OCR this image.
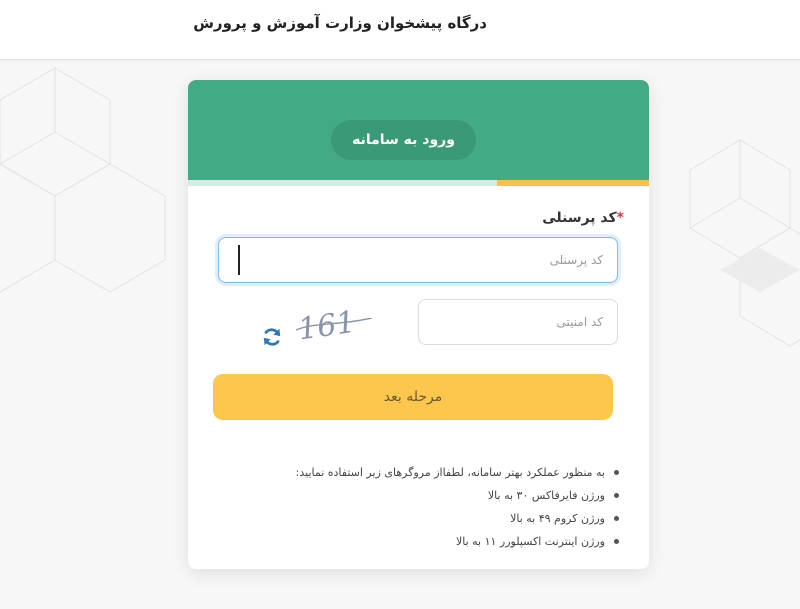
درگاه پیشخوان وزارت آموزش و پرورش
ورود به سامانه
*کد پرسنلی
کد پرسنلی
کد امنیتی
161
مرحله بعد
به منظور عملکرد بهتر سامانه، لطفااز مروگرهای زیر استفاده نمایید:
ورژن فایرفاکس ۳۰ به بالا
ورژن کروم ۴۹ به بالا
ورژن اینترنت اکسپلورر ۱۱ به بالا
